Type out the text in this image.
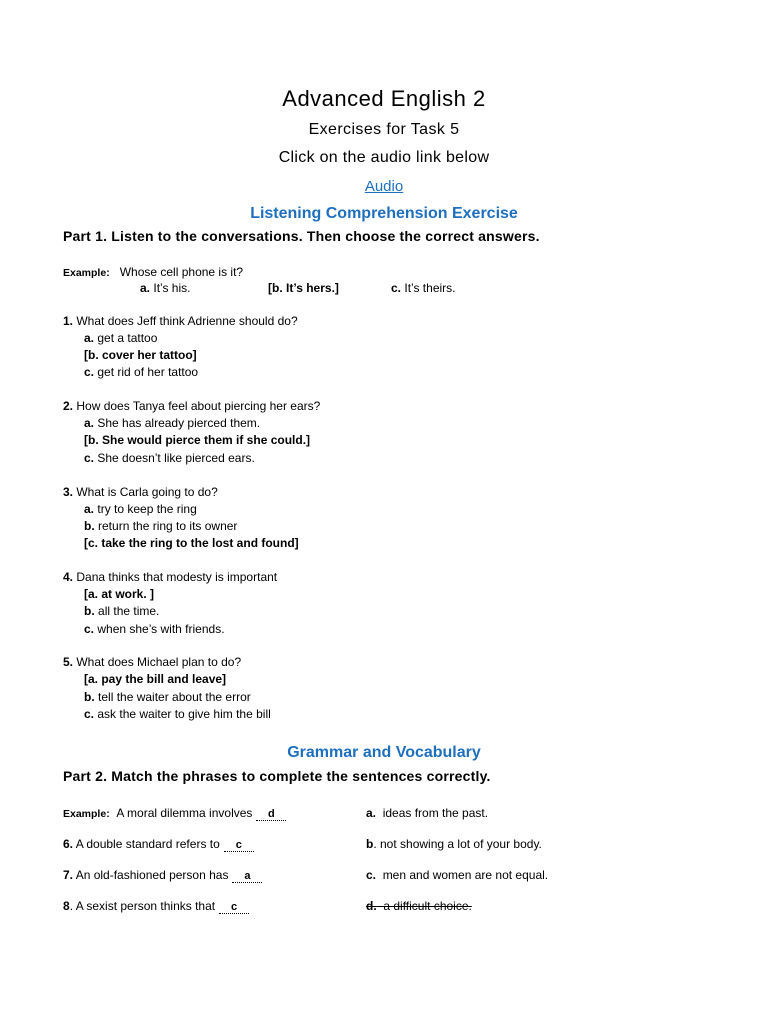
Advanced English 2
Exercises for Task 5
Click on the audio link below
Audio
Listening Comprehension Exercise
Part 1. Listen to the conversations. Then choose the correct answers.
Example: Whose cell phone is it?
a. It’s his.	[b. It’s hers.]	c. It’s theirs.
1. What does Jeff think Adrienne should do?
a. get a tattoo
[b. cover her tattoo]
c. get rid of her tattoo
2. How does Tanya feel about piercing her ears?
a. She has already pierced them.
[b. She would pierce them if she could.]
c. She doesn’t like pierced ears.
3. What is Carla going to do?
a. try to keep the ring
b. return the ring to its owner
[c. take the ring to the lost and found]
4. Dana thinks that modesty is important
[a. at work. ]
b. all the time.
c. when she’s with friends.
5. What does Michael plan to do?
[a. pay the bill and leave]
b. tell the waiter about the error
c. ask the waiter to give him the bill
Grammar and Vocabulary
Part 2. Match the phrases to complete the sentences correctly.
Example: A moral dilemma involves d
6. A double standard refers to c
7. An old-fashioned person has a
8. A sexist person thinks that c
a. ideas from the past.
b. not showing a lot of your body.
c. men and women are not equal.
d. a difficult choice.
